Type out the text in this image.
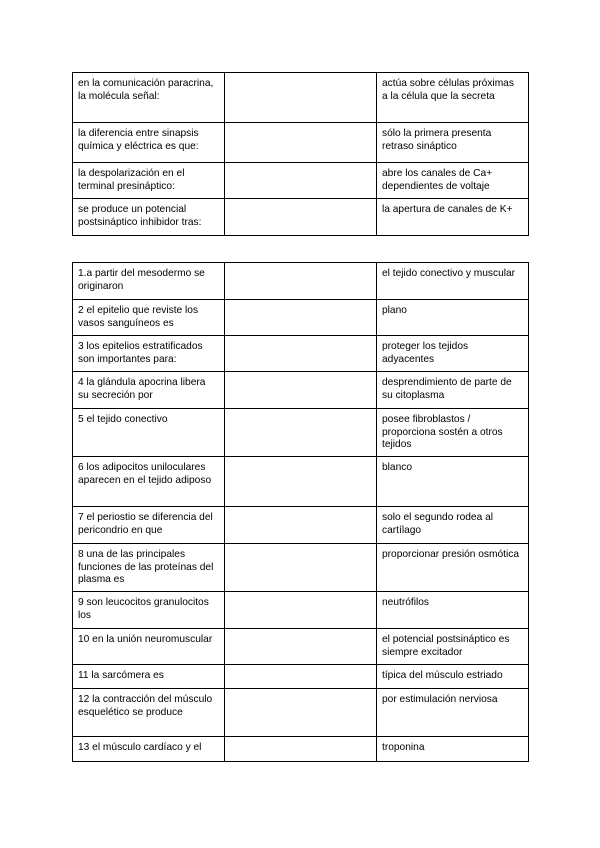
en la comunicación paracrina, la molécula señal:		actúa sobre células próximas a la célula que la secreta
la diferencia entre sinapsis química y eléctrica es que:		sólo la primera presenta retraso sináptico
la despolarización en el terminal presináptico:		abre los canales de Ca+ dependientes de voltaje
se produce un potencial postsináptico inhibidor tras:		la apertura de canales de K+
1.a partir del mesodermo se originaron		el tejido conectivo y muscular
2 el epitelio que reviste los vasos sanguíneos es		plano
3 los epitelios estratificados son importantes para:		proteger los tejidos adyacentes
4 la glándula apocrina libera su secreción por		desprendimiento de parte de su citoplasma
5 el tejido conectivo		posee fibroblastos / proporciona sostén a otros tejidos
6 los adipocitos uniloculares aparecen en el tejido adiposo		blanco
7 el periostio se diferencia del pericondrio en que		solo el segundo rodea al cartílago
8 una de las principales funciones de las proteínas del plasma es		proporcionar presión osmótica
9 son leucocitos granulocitos los		neutrófilos
10 en la unión neuromuscular		el potencial postsináptico es siempre excitador
11 la sarcómera es		típica del músculo estriado
12 la contracción del músculo esquelético se produce		por estimulación nerviosa
13 el músculo cardíaco y el		troponina
